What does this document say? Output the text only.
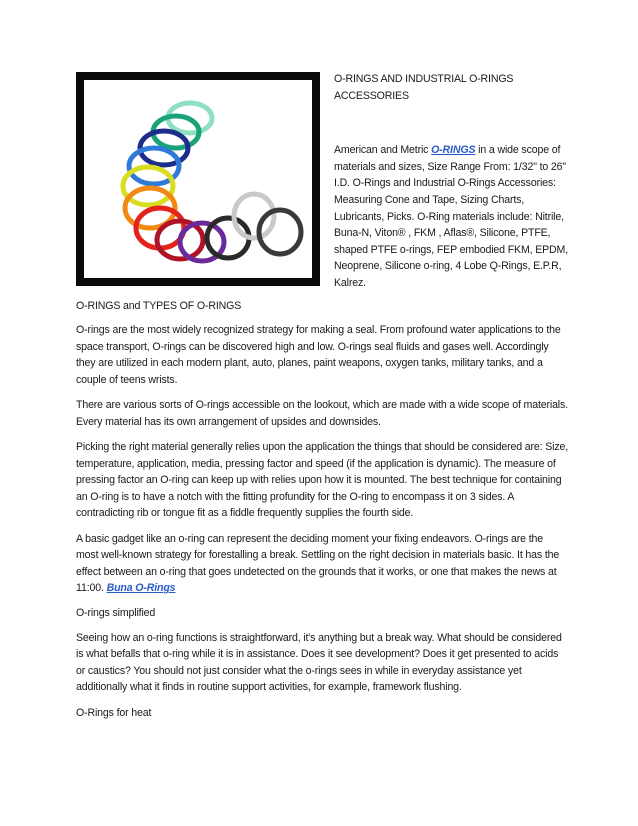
O-RINGS AND INDUSTRIAL O-RINGS ACCESSORIES

American and Metric O-RINGS in a wide scope of materials and sizes, Size Range From: 1/32" to 26" I.D. O-Rings and Industrial O-Rings Accessories: Measuring Cone and Tape, Sizing Charts, Lubricants, Picks. O-Ring materials include: Nitrile, Buna-N, Viton® , FKM , Aflas®, Silicone, PTFE, shaped PTFE o-rings, FEP embodied FKM, EPDM, Neoprene, Silicone o-ring, 4 Lobe Q-Rings, E.P.R, Kalrez.

O-RINGS and TYPES OF O-RINGS

O-rings are the most widely recognized strategy for making a seal. From profound water applications to the space transport, O-rings can be discovered high and low. O-rings seal fluids and gases well. Accordingly they are utilized in each modern plant, auto, planes, paint weapons, oxygen tanks, military tanks, and a couple of teens wrists.

There are various sorts of O-rings accessible on the lookout, which are made with a wide scope of materials. Every material has its own arrangement of upsides and downsides.

Picking the right material generally relies upon the application the things that should be considered are: Size, temperature, application, media, pressing factor and speed (if the application is dynamic). The measure of pressing factor an O-ring can keep up with relies upon how it is mounted. The best technique for containing an O-ring is to have a notch with the fitting profundity for the O-ring to encompass it on 3 sides. A contradicting rib or tongue fit as a fiddle frequently supplies the fourth side.

A basic gadget like an o-ring can represent the deciding moment your fixing endeavors. O-rings are the most well-known strategy for forestalling a break. Settling on the right decision in materials basic. It has the effect between an o-ring that goes undetected on the grounds that it works, or one that makes the news at 11:00. Buna O-Rings

O-rings simplified

Seeing how an o-ring functions is straightforward, it's anything but a break way. What should be considered is what befalls that o-ring while it is in assistance. Does it see development? Does it get presented to acids or caustics? You should not just consider what the o-rings sees in while in everyday assistance yet additionally what it finds in routine support activities, for example, framework flushing.

O-Rings for heat
